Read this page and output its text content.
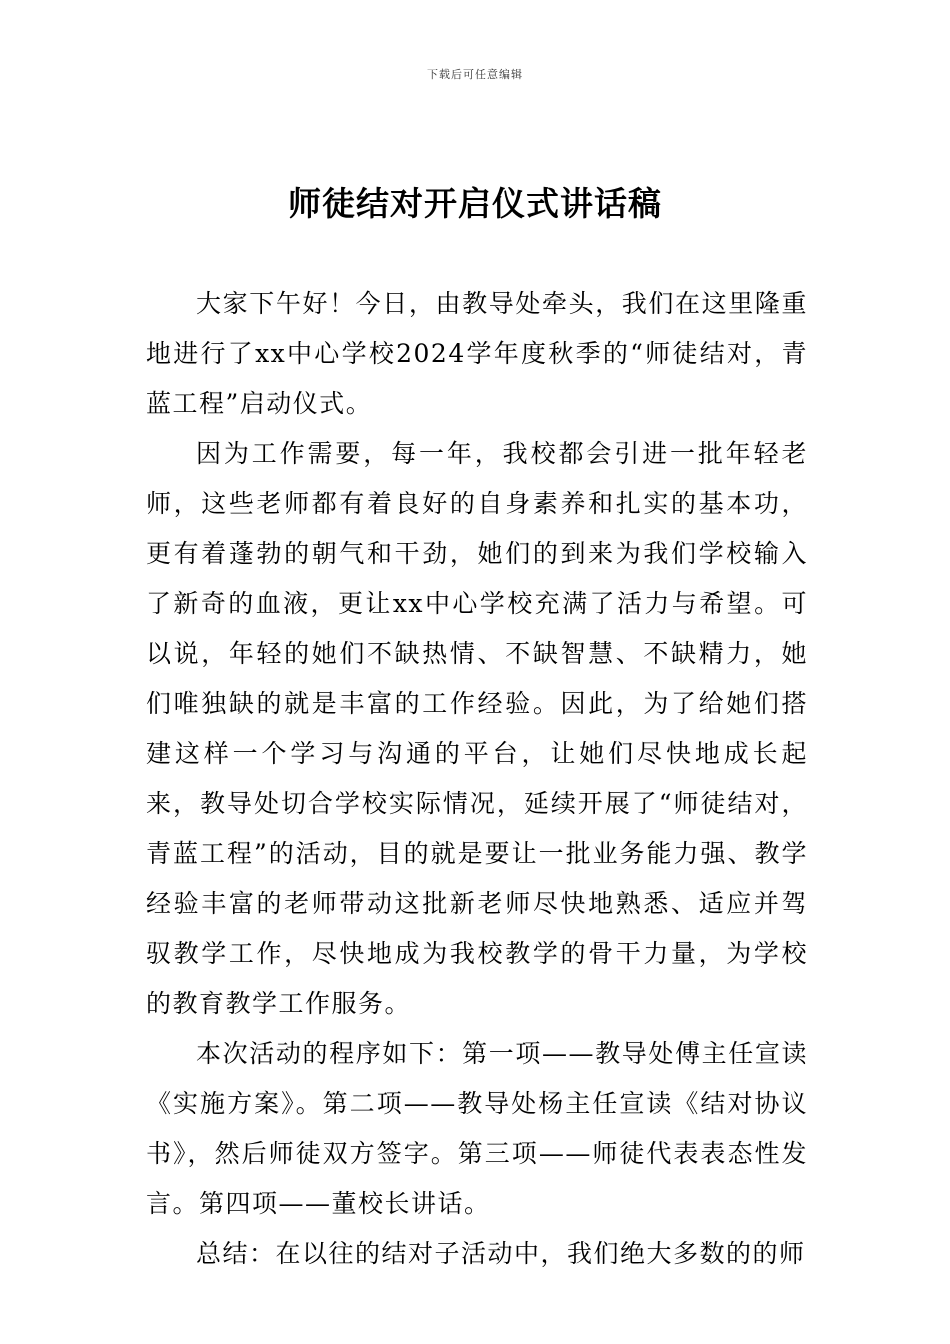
下载后可任意编辑
师徒结对开启仪式讲话稿

大家下午好！今日，由教导处牵头，我们在这里隆重地进行了xx中心学校2024学年度秋季的“师徒结对，青蓝工程”启动仪式。

因为工作需要，每一年，我校都会引进一批年轻老师，这些老师都有着良好的自身素养和扎实的基本功，更有着蓬勃的朝气和干劲，她们的到来为我们学校输入了新奇的血液，更让xx中心学校充满了活力与希望。可以说，年轻的她们不缺热情、不缺智慧、不缺精力，她们唯独缺的就是丰富的工作经验。因此，为了给她们搭建这样一个学习与沟通的平台，让她们尽快地成长起来，教导处切合学校实际情况，延续开展了“师徒结对，青蓝工程”的活动，目的就是要让一批业务能力强、教学经验丰富的老师带动这批新老师尽快地熟悉、适应并驾驭教学工作，尽快地成为我校教学的骨干力量，为学校的教育教学工作服务。

本次活动的程序如下：第一项——教导处傅主任宣读《实施方案》。第二项——教导处杨主任宣读《结对协议书》，然后师徒双方签字。第三项——师徒代表表态性发言。第四项——董校长讲话。

总结：在以往的结对子活动中，我们绝大多数的的师
